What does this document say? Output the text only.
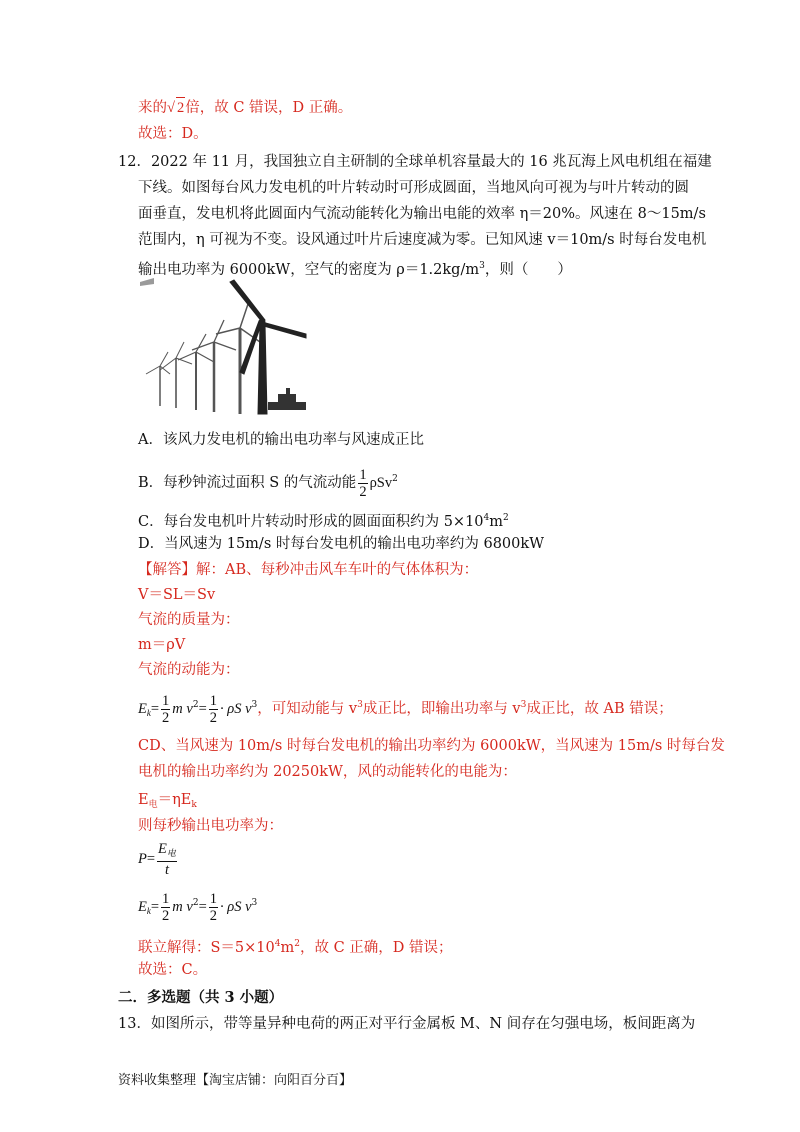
来的√ 2倍，故 C 错误，D 正确。
故选：D。
12．2022 年 11 月，我国独立自主研制的全球单机容量最大的 16 兆瓦海上风电机组在福建
下线。如图每台风力发电机的叶片转动时可形成圆面，当地风向可视为与叶片转动的圆
面垂直，发电机将此圆面内气流动能转化为输出电能的效率 η＝20%。风速在 8～15m/s
范围内，η 可视为不变。设风通过叶片后速度减为零。已知风速 v＝10m/s 时每台发电机
输出电功率为 6000kW，空气的密度为 $\rho=1.2kg/m^3$，则（　　）
A．该风力发电机的输出电功率与风速成正比
B．每秒钟流过面积 S 的气流动能 $\frac{1}{2} \rho Sv^2$
C．每台发电机叶片转动时形成的圆面面积约为 $5\times 10^4m^2$
D．当风速为 15m/s 时每台发电机的输出电功率约为 6800kW
【解答】解：AB、每秒冲击风车车叶的气体体积为：
V＝SL＝Sv
气流的质量为：
m＝ρV
气流的动能为：
$E_k= \frac{1}{2}$ m $v^2= \frac{1}{2} \cdot \rho S$ $v^3$，可知动能与 $v^3$成正比，即输出功率与 $v^3$成正比，故 AB 错误；
CD、当风速为 10m/s 时每台发电机的输出功率约为 6000kW，当风速为 15m/s 时每台发
电机的输出功率约为 20250kW，风的动能转化的电能为：
$E_电=\eta E_k$
则每秒输出电功率为：
$P= \frac{E_电}{t}$
$E_k= \frac{1}{2}$ m $v^2= \frac{1}{2} \cdot \rho S$ $v^3$
联立解得：$S=5\times 10^4m^2$，故 C 正确，D 错误；
故选：C。
二．多选题（共 3 小题）
13．如图所示，带等量异种电荷的两正对平行金属板 M、N 间存在匀强电场，板间距离为
资料收集整理【淘宝店铺：向阳百分百】
